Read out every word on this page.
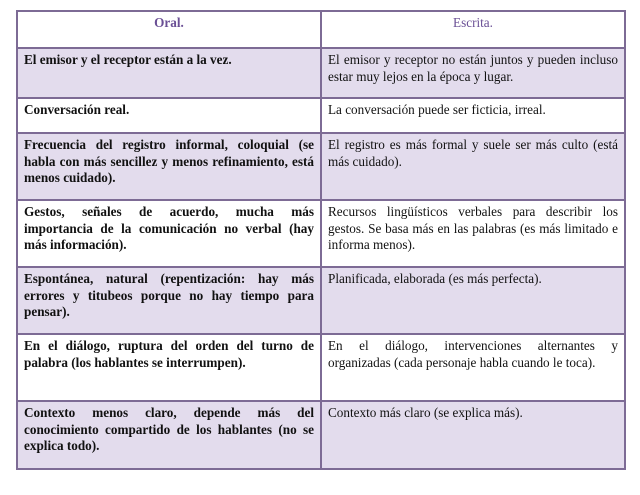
Oral.	Escrita.
El emisor y el receptor están a la vez.	El emisor y receptor no están juntos y pueden incluso estar muy lejos en la época y lugar.
Conversación real.	La conversación puede ser ficticia, irreal.
Frecuencia del registro informal, coloquial (se habla con más sencillez y menos refinamiento, está menos cuidado).	El registro es más formal y suele ser más culto (está más cuidado).
Gestos, señales de acuerdo, mucha más importancia de la comunicación no verbal (hay más información).	Recursos lingüísticos verbales para describir los gestos. Se basa más en las palabras (es más limitado e informa menos).
Espontánea, natural (repentización: hay más errores y titubeos porque no hay tiempo para pensar).	Planificada, elaborada (es más perfecta).
En el diálogo, ruptura del orden del turno de palabra (los hablantes se interrumpen).	En el diálogo, intervenciones alternantes y organizadas (cada personaje habla cuando le toca).
Contexto menos claro, depende más del conocimiento compartido de los hablantes (no se explica todo).	Contexto más claro (se explica más).
